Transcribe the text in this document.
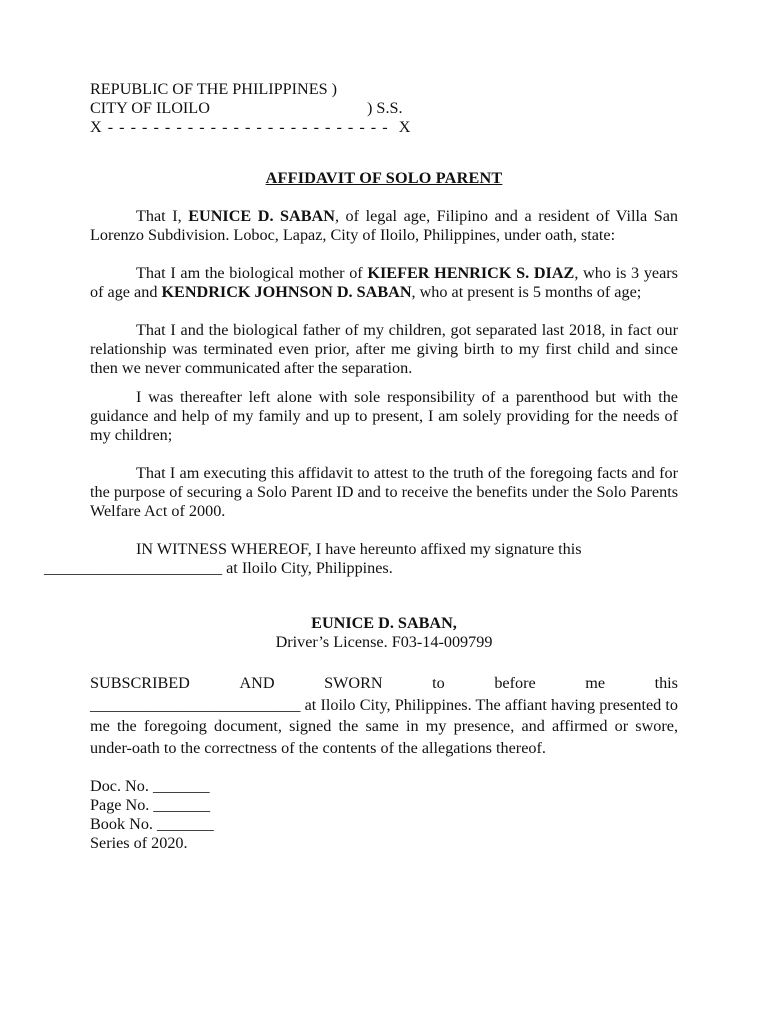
REPUBLIC OF THE PHILIPPINES )
CITY OF ILOILO	) S.S.
X - - - - - - - - - - - - - - - - - - - - - - - - -  X
AFFIDAVIT OF SOLO PARENT

That I, EUNICE D. SABAN, of legal age, Filipino and a resident of Villa San Lorenzo Subdivision. Loboc, Lapaz, City of Iloilo, Philippines, under oath, state:

That I am the biological mother of KIEFER HENRICK S. DIAZ, who is 3 years of age and KENDRICK JOHNSON D. SABAN, who at present is 5 months of age;

That I and the biological father of my children, got separated last 2018, in fact our relationship was terminated even prior, after me giving birth to my first child and since then we never communicated after the separation.

I was thereafter left alone with sole responsibility of a parenthood but with the guidance and help of my family and up to present, I am solely providing for the needs of my children;

That I am executing this affidavit to attest to the truth of the foregoing facts and for the purpose of securing a Solo Parent ID and to receive the benefits under the Solo Parents Welfare Act of 2000.

IN WITNESS WHEREOF, I have hereunto affixed my signature this
______________________ at Iloilo City, Philippines.

EUNICE D. SABAN,
Driver’s License. F03-14-009799
SUBSCRIBED	AND	SWORN	to	before	me	this
__________________________ at Iloilo City, Philippines. The affiant having presented to me the foregoing document, signed the same in my presence, and affirmed or swore, under-oath to the correctness of the contents of the allegations thereof.
Doc. No. _______
Page No. _______
Book No. _______
Series of 2020.
